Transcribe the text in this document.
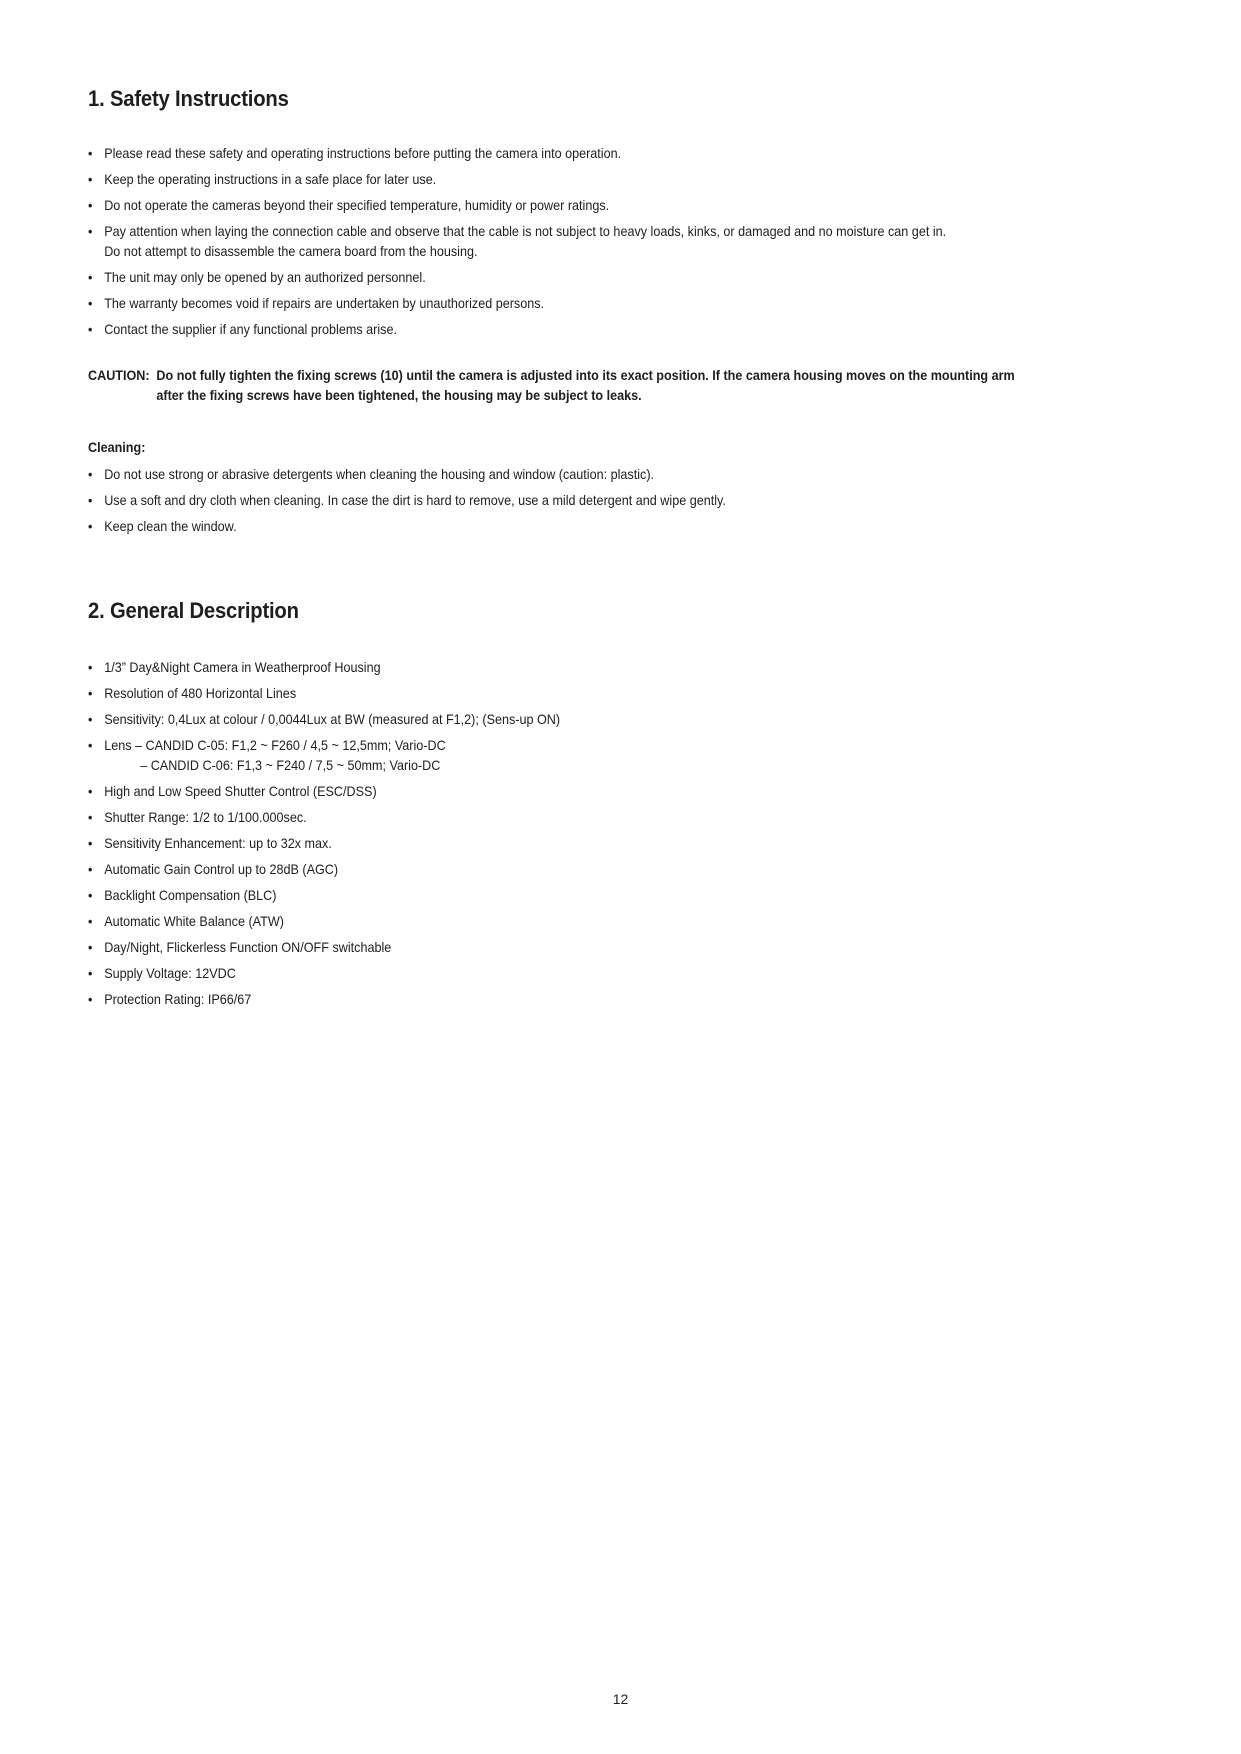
1. Safety Instructions
• Please read these safety and operating instructions before putting the camera into operation.
• Keep the operating instructions in a safe place for later use.
• Do not operate the cameras beyond their specified temperature, humidity or power ratings.
• Pay attention when laying the connection cable and observe that the cable is not subject to heavy loads, kinks, or damaged and no moisture can get in.
Do not attempt to disassemble the camera board from the housing.
• The unit may only be opened by an authorized personnel.
• The warranty becomes void if repairs are undertaken by unauthorized persons.
• Contact the supplier if any functional problems arise.
CAUTION: Do not fully tighten the fixing screws (10) until the camera is adjusted into its exact position. If the camera housing moves on the mounting arm
after the fixing screws have been tightened, the housing may be subject to leaks.

Cleaning:

• Do not use strong or abrasive detergents when cleaning the housing and window (caution: plastic).
• Use a soft and dry cloth when cleaning. In case the dirt is hard to remove, use a mild detergent and wipe gently.
• Keep clean the window.
2. General Description
• 1/3” Day&Night Camera in Weatherproof Housing
• Resolution of 480 Horizontal Lines
• Sensitivity: 0,4Lux at colour / 0,0044Lux at BW (measured at F1,2); (Sens-up ON)
• Lens – CANDID C-05: F1,2 ~ F260 / 4,5 ~ 12,5mm; Vario-DC
– CANDID C-06: F1,3 ~ F240 / 7,5 ~ 50mm; Vario-DC
• High and Low Speed Shutter Control (ESC/DSS)
• Shutter Range: 1/2 to 1/100.000sec.
• Sensitivity Enhancement: up to 32x max.
• Automatic Gain Control up to 28dB (AGC)
• Backlight Compensation (BLC)
• Automatic White Balance (ATW)
• Day/Night, Flickerless Function ON/OFF switchable
• Supply Voltage: 12VDC
• Protection Rating: IP66/67
12
